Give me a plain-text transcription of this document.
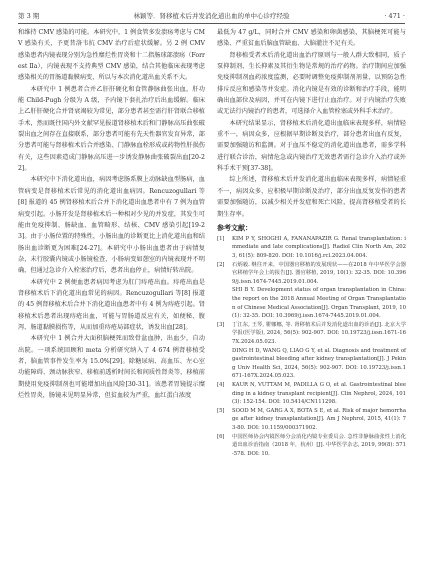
第 3 期	林颖等．肾移植术后并发消化道出血的单中心诊疗经验	· 471 ·

和维持 CMV 感染的可能。本研究中，1 例食管多发溃疡考虑与 CMV 感染有关，予更昔洛韦抗 CMV 治疗后症状缓解。另 2 例 CMV 感染患者内镜表现分别为急性糜烂性胃炎和十二指肠球部溃疡（Forrest Ⅱa），内镜表现不支持典型 CMV 感染，结合其他临床表现考虑感染相关的胃肠道黏膜病变，所以与本次消化道出血关系不大。

本研究中 1 例患者合并乙肝肝硬化和食管静脉曲张出血，肝功能 Child-Pugh 分级为 A 级，予内镜下套扎治疗后出血缓解。临床上乙肝肝硬化合并肾衰竭较为常见，部分患者甚至需行肝肾联合移植手术，然而既往国内外文献罕见报道肾移植术后和门静脉高压曲张破裂出血之间存在直接联系，部分患者可能有先天性器官发育异常，部分患者可能与肾移植术后合并感染、门静脉血栓形成或药物性肝损伤有关，这些因素造成门静脉高压进一步诱发静脉曲张破裂出血[20-22]。

本研究中下消化道出血，病因考虑肠系膜上动脉缺血型肠病，血管病变是肾移植术后常见的消化道出血病因。Rencuzogullari 等[8] 报道的 45 例肾移植术后合并下消化道出血患者中有 7 例为血管病变引起。小肠开发是肾移植术后一种相对少见的并发症，其发生可能由免疫抑制、肠缺血、血管畸形、结核、CMV 感染引起[19-23]。由于小肠位置的特殊性，小肠出血的诊断更比上消化道出血和结肠出血诊断更为困难[24-27]。本研究中小肠出血患者由于病情复杂，未行胶囊内镜或小肠镜检查，小肠病变如憩室的内镜表现并不明确，但通过急诊介入栓塞治疗后，患者出血停止，病情好转出院。

本研究中 2 例便血患者病因考虑为肛门痔疮出血。痔疮出血是肾移植术后下消化道出血常见的病因。Rencuzogullari 等[8] 报道的 45 例肾移植术后合并下消化道出血患者中有 4 例为痔疮引起。肾移植术后患者出现痔疮出血，可能与胃肠道反应有关，如便秘、腹泻、肠道黏膜损伤等，从而加重痔疮局部症状，诱发出血[28]。

本研究中 1 例合并大面积脑梗死而致骨盆血肿，出血少，自动出院。一项系统回顾和 meta 分析研究纳入了 4 674 例肾移植受者，脑血管事件发生率为 15.0%[29]。除糖尿病、高血压、左心室功能障碍、颈动脉狭窄、移植前透析时间长和间质性肾炎等，移植前期使用免疫抑制剂也可能增加出血风险[30-31]。该患者胃镜提示糜烂性胃炎，肠镜未见明显异常，但贫血较为严重，血红蛋白浓度

最低为 47 g/L，同时合并 CMV 感染和卵菌感染，其脑梗死可能与感染、严重贫血后脑血管缺血、大脑灌注不足有关。

肾移植受者术后消化道出血治疗原则与一般人群大致相同，质子泵抑制剂、生长抑素及其衍生物是常规的治疗药物。治疗期间应加强免疫抑制剂血药浓度监测，必要时调整免疫抑制剂剂量，以预防急性排斥反应和感染等并发症。消化内镜是有效的诊断和治疗手段，能明确出血部位及病因，并可在内镜下进行止血治疗。对于内镜治疗失败或无法行内镜治疗的患者，可选择介入血管栓塞或外科手术治疗。

本研究结果显示，肾移植术后消化道出血临床表现多样，病情轻重不一，病因众多，应根据早期诊断及治疗，部分患者出血有反复，需要加强随访和监测。对于血压不稳定的消化道出血患者，需多学科进行联合诊治，病情危急或内镜治疗无效患者需行急诊介入治疗或外科手术干预[37-38]。

综上所述，肾移植术后并发消化道出血临床表现多样，病情轻重不一，病因众多，应积极早期诊断及治疗，部分出血反复发作的患者需要加强随访，以减少相关并发症和死亡风险，提高肾移植受者的长期生存率。

参考文献：

[1] KIM P Y, SHOGHI A, FANANAPAZIR G. Renal transplantation: immediate and late complications[J]. Radiol Clin North Am, 2023, 61(5): 809-820. DOI: 10.1016/j.rcl.2023.04.004.

[2] 石炳毅. 继往开来，中国器官移植的发展现状——在2018 年中华医学会器官移植学年会上的报告[J]. 器官移植, 2019, 10(1): 32-35. DOI: 10.3969/j.issn.1674-7445.2019.01.004.

SHI B Y. Development status of organ transplantation in China: the report on the 2018 Annual Meeting of Organ Transplantation of Chinese Medical Association[J]. Organ Transplant, 2019, 10(1): 32-35. DOI: 10.3969/j.issn.1674-7445.2019.01.004.

[3] 丁江东, 王琴, 瞿娜娜, 等. 肾移植术后并发消化道出血的诊治[J]. 北京大学学报(医学版), 2024, 56(5): 902-907. DOI: 10.19723/j.issn.1671-167X.2024.05.023.

DING H D, WANG Q, LIAO G Y, et al. Diagnosis and treatment of gastrointestinal bleeding after kidney transplantation[J]. J Peking Univ Health Sci, 2024, 56(5): 902-907. DOI: 10.19723/j.issn.1671-167X.2024.05.023.

[4] KAUR N, VUTTAM M, PADILLA G O, et al. Gastrointestinal bleeding in a kidney transplant recipient[J]. Clin Nephrol, 2024, 101(3): 152-154. DOI: 10.5414/CN111298.

[5] SOOD M M, GARG A X, BOTA S E, et al. Risk of major hemorrhage after kidney transplantation[J]. Am J Nephrol, 2015, 41(1): 73-80. DOI: 10.1159/000371902.

[6] 中国医师协会内镜医师分会消化内镜专业委员会. 急性非静脉曲张性上消化道出血诊治指南（2018 年，杭州）[J]. 中华医学杂志, 2019, 99(8): 571-578. DOI: 10.
